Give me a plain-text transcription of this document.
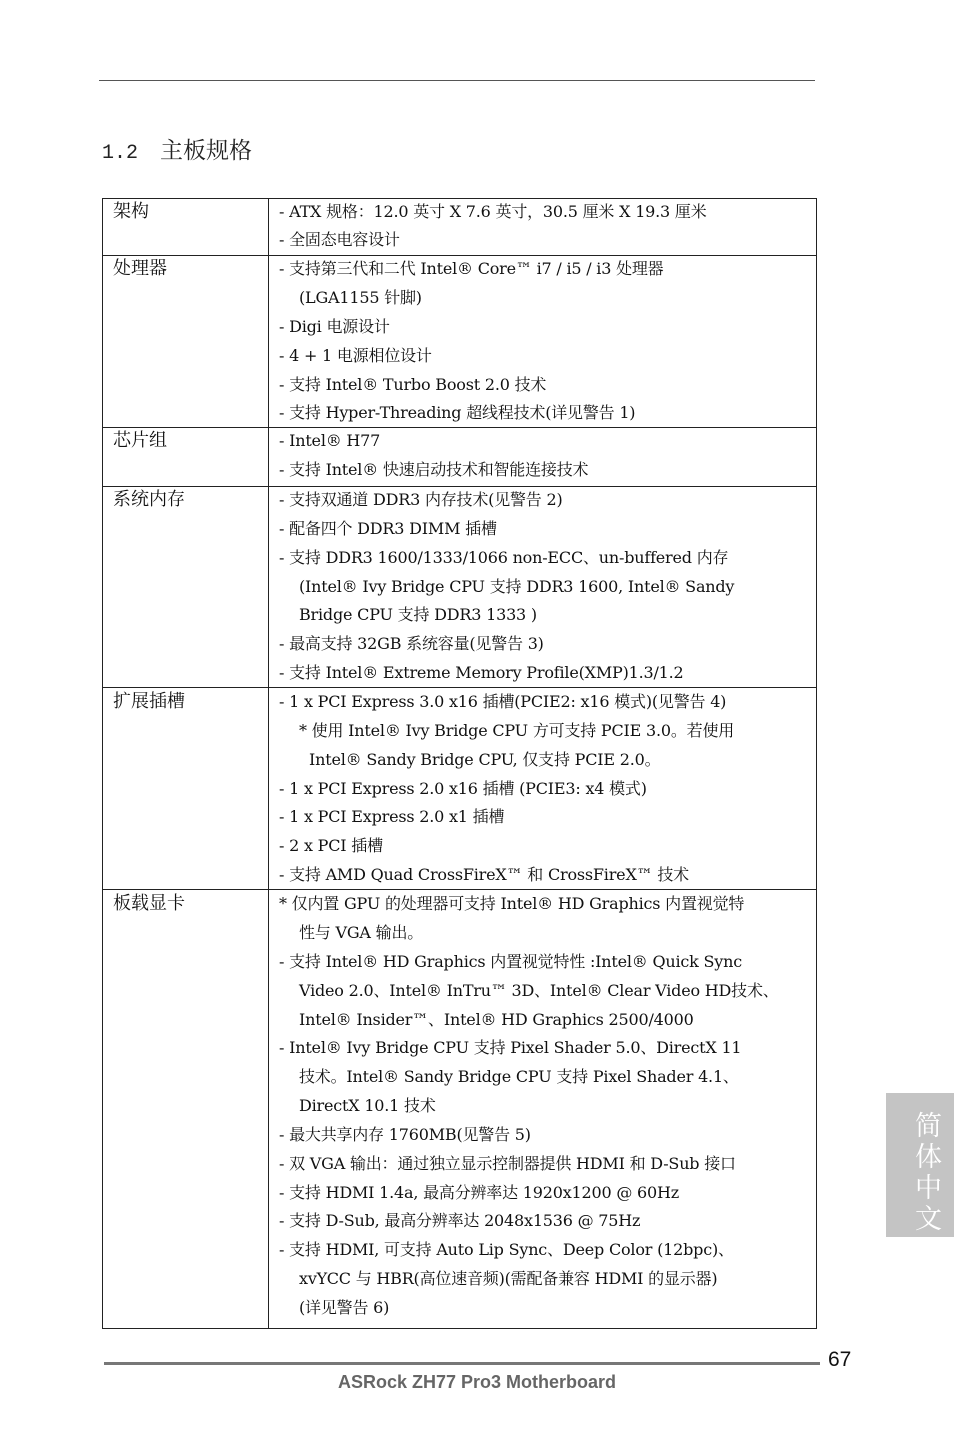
1.2 主板规格
架构	- ATX 规格：12.0 英寸 X 7.6 英寸，30.5 厘米 X 19.3 厘米
- 全固态电容设计
处理器	- 支持第三代和二代 Intel® Core™ i7 / i5 / i3 处理器
(LGA1155 针脚)
- Digi 电源设计
- 4 + 1 电源相位设计
- 支持 Intel® Turbo Boost 2.0 技术
- 支持 Hyper-Threading 超线程技术(详见警告 1)
芯片组	- Intel® H77
- 支持 Intel® 快速启动技术和智能连接技术
系统内存	- 支持双通道 DDR3 内存技术(见警告 2)
- 配备四个 DDR3 DIMM 插槽
- 支持 DDR3 1600/1333/1066 non-ECC、un-buffered 内存
(Intel® Ivy Bridge CPU 支持 DDR3 1600, Intel® Sandy
Bridge CPU 支持 DDR3 1333 )
- 最高支持 32GB 系统容量(见警告 3)
- 支持 Intel® Extreme Memory Profile(XMP)1.3/1.2
扩展插槽	- 1 x PCI Express 3.0 x16 插槽(PCIE2: x16 模式)(见警告 4)
* 使用 Intel® Ivy Bridge CPU 方可支持 PCIE 3.0。若使用
Intel® Sandy Bridge CPU, 仅支持 PCIE 2.0。
- 1 x PCI Express 2.0 x16 插槽 (PCIE3: x4 模式)
- 1 x PCI Express 2.0 x1 插槽
- 2 x PCI 插槽
- 支持 AMD Quad CrossFireX™ 和 CrossFireX™ 技术
板载显卡	* 仅内置 GPU 的处理器可支持 Intel® HD Graphics 内置视觉特
性与 VGA 输出。
- 支持 Intel® HD Graphics 内置视觉特性 :Intel® Quick Sync
Video 2.0、Intel® InTru™ 3D、Intel® Clear Video HD技术、
Intel® Insider™、Intel® HD Graphics 2500/4000
- Intel® Ivy Bridge CPU 支持 Pixel Shader 5.0、DirectX 11
技术。Intel® Sandy Bridge CPU 支持 Pixel Shader 4.1、
DirectX 10.1 技术
- 最大共享内存 1760MB(见警告 5)
- 双 VGA 输出：通过独立显示控制器提供 HDMI 和 D-Sub 接口
- 支持 HDMI 1.4a, 最高分辨率达 1920x1200 @ 60Hz
- 支持 D-Sub, 最高分辨率达 2048x1536 @ 75Hz
- 支持 HDMI, 可支持 Auto Lip Sync、Deep Color (12bpc)、
xvYCC 与 HBR(高位速音频)(需配备兼容 HDMI 的显示器)
(详见警告 6)
简体中文
67
ASRock ZH77 Pro3 Motherboard
